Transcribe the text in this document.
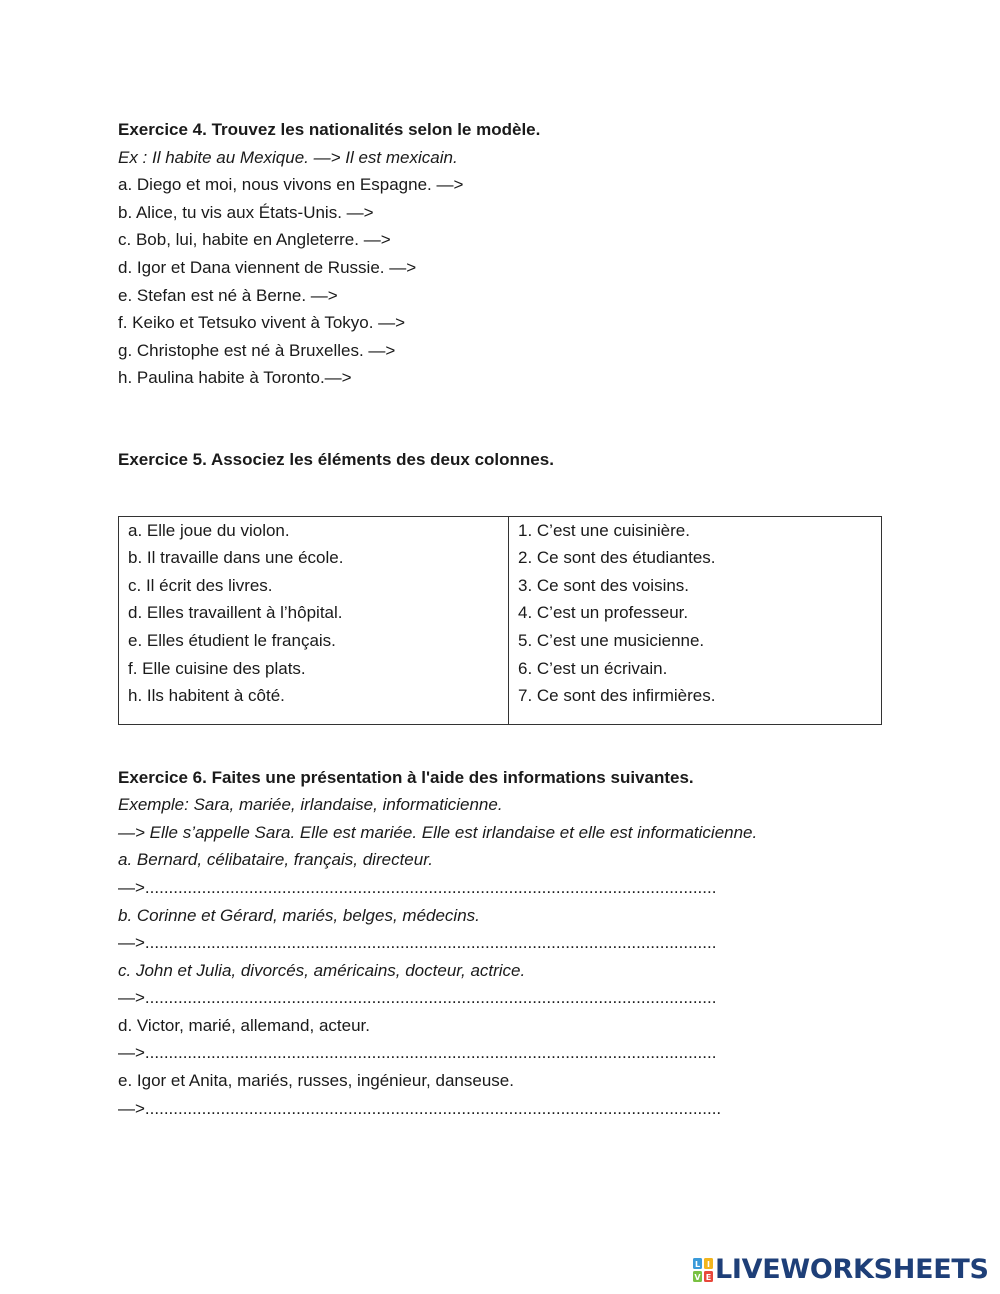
Exercice 4. Trouvez les nationalités selon le modèle.
Ex : Il habite au Mexique. —> Il est mexicain.
a. Diego et moi, nous vivons en Espagne. —>
b. Alice, tu vis aux États-Unis. —>
c. Bob, lui, habite en Angleterre. —>
d. Igor et Dana viennent de Russie. —>
e. Stefan est né à Berne. —>
f. Keiko et Tetsuko vivent à Tokyo. —>
g. Christophe est né à Bruxelles. —>
h. Paulina habite à Toronto.—>
Exercice 5. Associez les éléments des deux colonnes.
a. Elle joue du violon.
b. Il travaille dans une école.
c. Il écrit des livres.
d. Elles travaillent à l’hôpital.
e. Elles étudient le français.
f. Elle cuisine des plats.
h. Ils habitent à côté.
1. C’est une cuisinière.
2. Ce sont des étudiantes.
3. Ce sont des voisins.
4. C’est un professeur.
5. C’est une musicienne.
6. C’est un écrivain.
7. Ce sont des infirmières.
Exercice 6. Faites une présentation à l'aide des informations suivantes.
Exemple: Sara, mariée, irlandaise, informaticienne.
—> Elle s’appelle Sara. Elle est mariée. Elle est irlandaise et elle est informaticienne.
a. Bernard, célibataire, français, directeur.
—>.........................................................................................................................
b. Corinne et Gérard, mariés, belges, médecins.
—>.........................................................................................................................
c. John et Julia, divorcés, américains, docteur, actrice.
—>.........................................................................................................................
d. Victor, marié, allemand, acteur.
—>.........................................................................................................................
e. Igor et Anita, mariés, russes, ingénieur, danseuse.
—>..........................................................................................................................
L I
V E LIVEWORKSHEETS
